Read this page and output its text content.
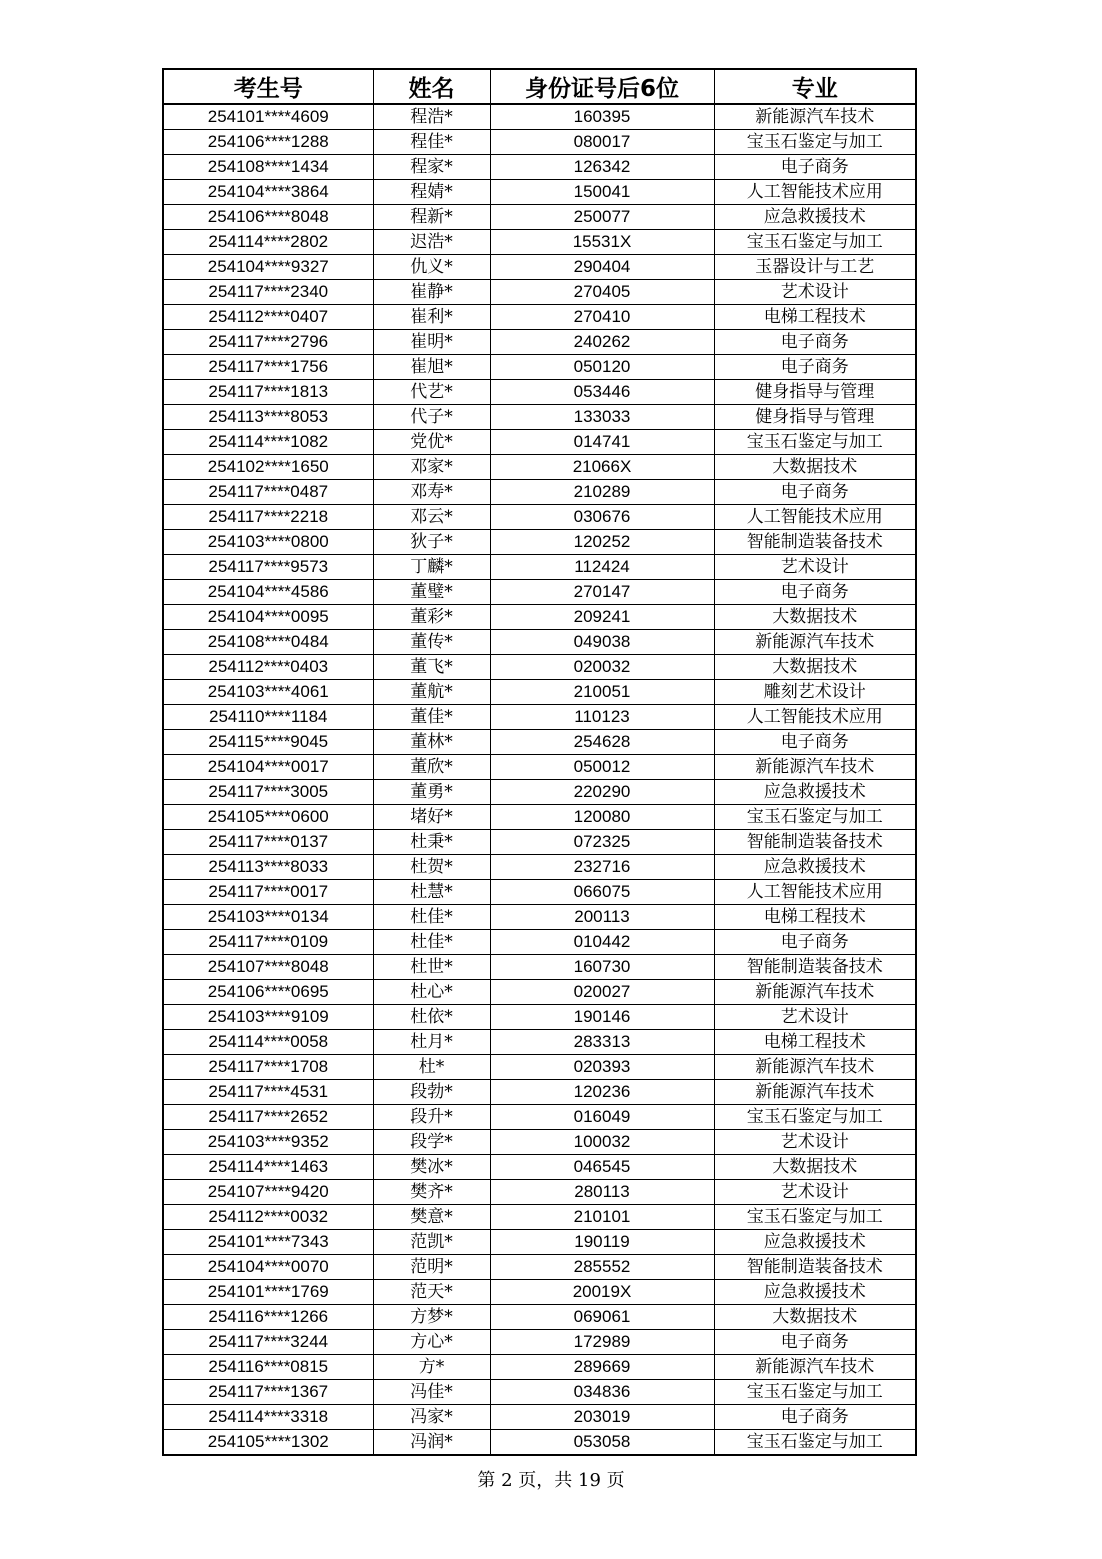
考生号	姓名	身份证号后6位	专业
254101****4609	程浩*	160395	新能源汽车技术
254106****1288	程佳*	080017	宝玉石鉴定与加工
254108****1434	程家*	126342	电子商务
254104****3864	程婧*	150041	人工智能技术应用
254106****8048	程新*	250077	应急救援技术
254114****2802	迟浩*	15531X	宝玉石鉴定与加工
254104****9327	仇义*	290404	玉器设计与工艺
254117****2340	崔静*	270405	艺术设计
254112****0407	崔利*	270410	电梯工程技术
254117****2796	崔明*	240262	电子商务
254117****1756	崔旭*	050120	电子商务
254117****1813	代艺*	053446	健身指导与管理
254113****8053	代子*	133033	健身指导与管理
254114****1082	党优*	014741	宝玉石鉴定与加工
254102****1650	邓家*	21066X	大数据技术
254117****0487	邓寿*	210289	电子商务
254117****2218	邓云*	030676	人工智能技术应用
254103****0800	狄子*	120252	智能制造装备技术
254117****9573	丁麟*	112424	艺术设计
254104****4586	董璧*	270147	电子商务
254104****0095	董彩*	209241	大数据技术
254108****0484	董传*	049038	新能源汽车技术
254112****0403	董飞*	020032	大数据技术
254103****4061	董航*	210051	雕刻艺术设计
254110****1184	董佳*	110123	人工智能技术应用
254115****9045	董林*	254628	电子商务
254104****0017	董欣*	050012	新能源汽车技术
254117****3005	董勇*	220290	应急救援技术
254105****0600	堵好*	120080	宝玉石鉴定与加工
254117****0137	杜秉*	072325	智能制造装备技术
254113****8033	杜贺*	232716	应急救援技术
254117****0017	杜慧*	066075	人工智能技术应用
254103****0134	杜佳*	200113	电梯工程技术
254117****0109	杜佳*	010442	电子商务
254107****8048	杜世*	160730	智能制造装备技术
254106****0695	杜心*	020027	新能源汽车技术
254103****9109	杜依*	190146	艺术设计
254114****0058	杜月*	283313	电梯工程技术
254117****1708	杜*	020393	新能源汽车技术
254117****4531	段勃*	120236	新能源汽车技术
254117****2652	段升*	016049	宝玉石鉴定与加工
254103****9352	段学*	100032	艺术设计
254114****1463	樊冰*	046545	大数据技术
254107****9420	樊齐*	280113	艺术设计
254112****0032	樊意*	210101	宝玉石鉴定与加工
254101****7343	范凯*	190119	应急救援技术
254104****0070	范明*	285552	智能制造装备技术
254101****1769	范天*	20019X	应急救援技术
254116****1266	方梦*	069061	大数据技术
254117****3244	方心*	172989	电子商务
254116****0815	方*	289669	新能源汽车技术
254117****1367	冯佳*	034836	宝玉石鉴定与加工
254114****3318	冯家*	203019	电子商务
254105****1302	冯润*	053058	宝玉石鉴定与加工
第 2 页，共 19 页
